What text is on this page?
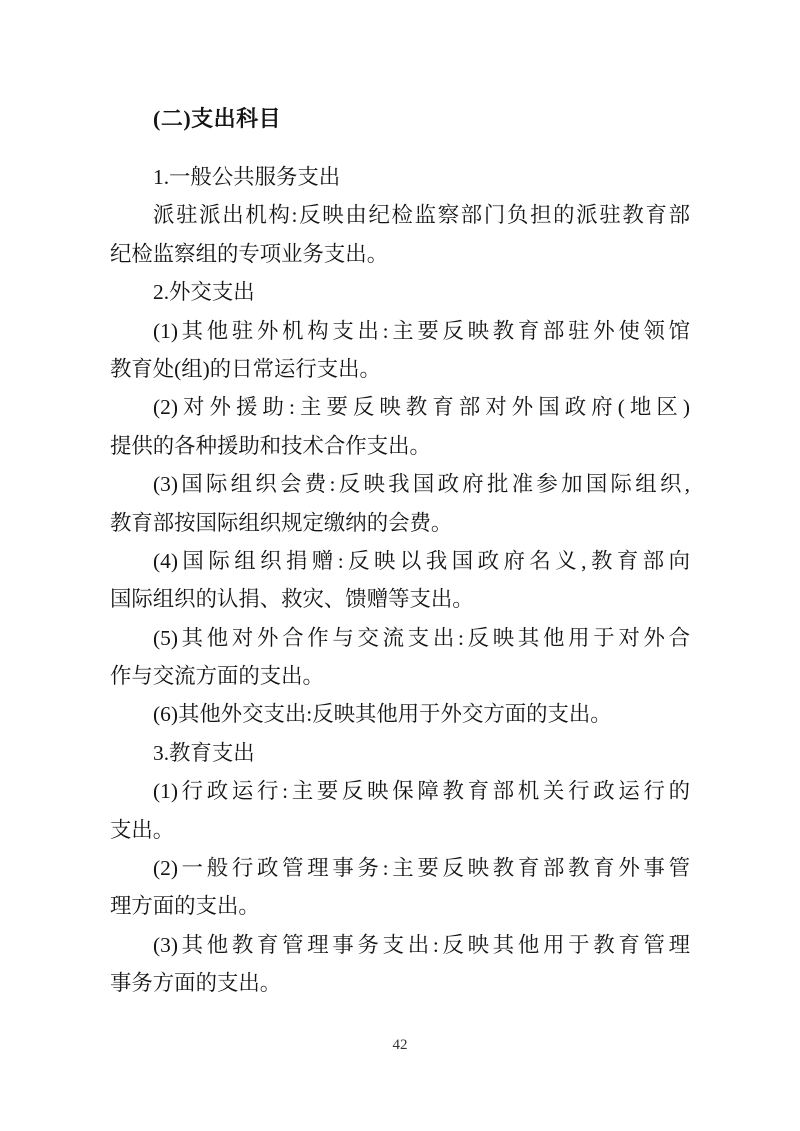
(二)支出科目
1.一般公共服务支出
派驻派出机构:反映由纪检监察部门负担的派驻教育部
纪检监察组的专项业务支出。
2.外交支出
(1)其他驻外机构支出:主要反映教育部驻外使领馆
教育处(组)的日常运行支出。
(2)对外援助:主要反映教育部对外国政府(地区)
提供的各种援助和技术合作支出。
(3)国际组织会费:反映我国政府批准参加国际组织,
教育部按国际组织规定缴纳的会费。
(4)国际组织捐赠:反映以我国政府名义,教育部向
国际组织的认捐、救灾、馈赠等支出。
(5)其他对外合作与交流支出:反映其他用于对外合
作与交流方面的支出。
(6)其他外交支出:反映其他用于外交方面的支出。
3.教育支出
(1)行政运行:主要反映保障教育部机关行政运行的
支出。
(2)一般行政管理事务:主要反映教育部教育外事管
理方面的支出。
(3)其他教育管理事务支出:反映其他用于教育管理
事务方面的支出。
42
